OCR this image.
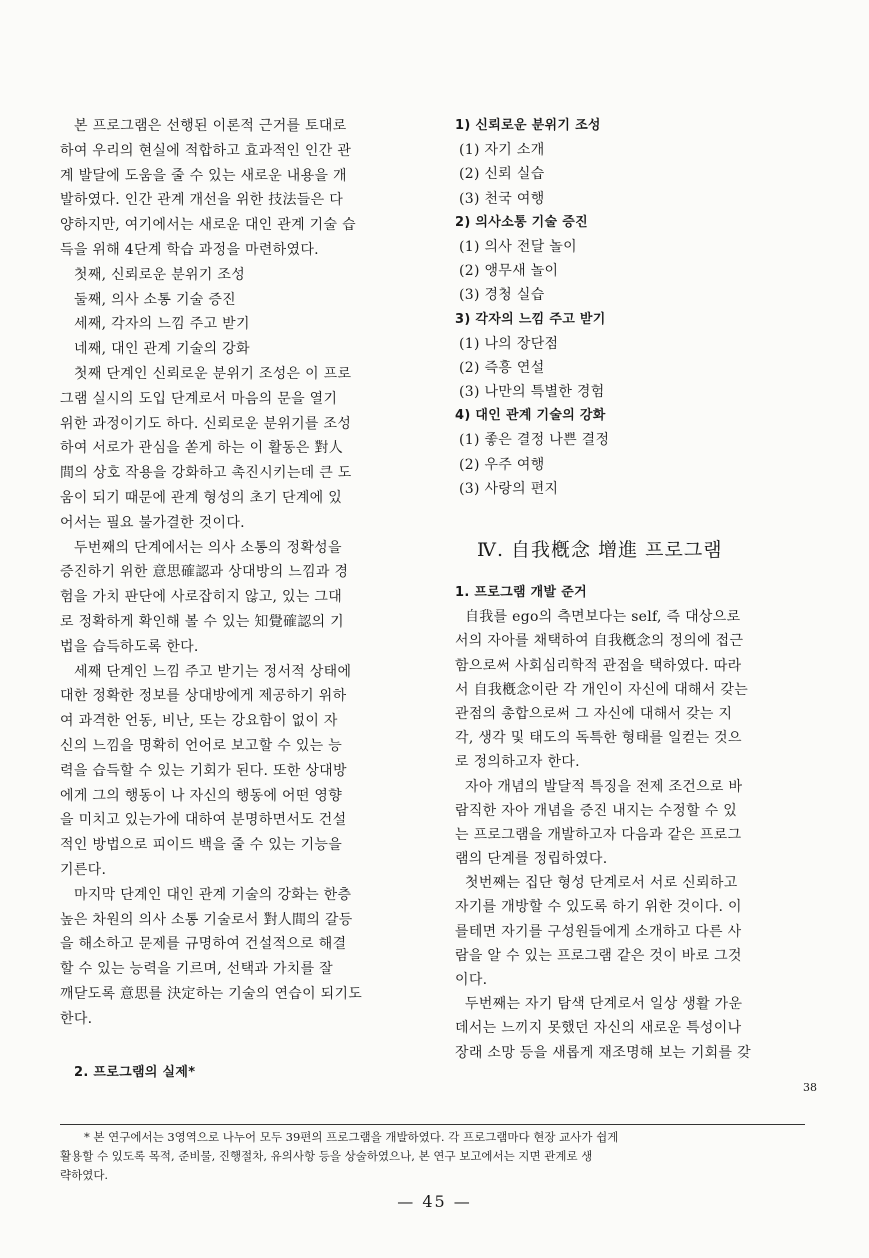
본 프로그램은 선행된 이론적 근거를 토대로
하여 우리의 현실에 적합하고 효과적인 인간 관
계 발달에 도움을 줄 수 있는 새로운 내용을 개
발하였다. 인간 관계 개선을 위한 技法들은 다
양하지만, 여기에서는 새로운 대인 관계 기술 습
득을 위해 4단계 학습 과정을 마련하였다.
첫째, 신뢰로운 분위기 조성
둘째, 의사 소통 기술 증진
세째, 각자의 느낌 주고 받기
네째, 대인 관계 기술의 강화
첫째 단계인 신뢰로운 분위기 조성은 이 프로
그램 실시의 도입 단계로서 마음의 문을 열기
위한 과정이기도 하다. 신뢰로운 분위기를 조성
하여 서로가 관심을 쏟게 하는 이 활동은 對人
間의 상호 작용을 강화하고 촉진시키는데 큰 도
움이 되기 때문에 관계 형성의 초기 단계에 있
어서는 필요 불가결한 것이다.
두번째의 단계에서는 의사 소통의 정확성을
증진하기 위한 意思確認과 상대방의 느낌과 경
험을 가치 판단에 사로잡히지 않고, 있는 그대
로 정확하게 확인해 볼 수 있는 知覺確認의 기
법을 습득하도록 한다.
세째 단계인 느낌 주고 받기는 정서적 상태에
대한 정확한 정보를 상대방에게 제공하기 위하
여 과격한 언동, 비난, 또는 강요함이 없이 자
신의 느낌을 명확히 언어로 보고할 수 있는 능
력을 습득할 수 있는 기회가 된다. 또한 상대방
에게 그의 행동이 나 자신의 행동에 어떤 영향
을 미치고 있는가에 대하여 분명하면서도 건설
적인 방법으로 피이드 백을 줄 수 있는 기능을
기른다.
마지막 단계인 대인 관계 기술의 강화는 한층
높은 차원의 의사 소통 기술로서 對人間의 갈등
을 해소하고 문제를 규명하여 건설적으로 해결
할 수 있는 능력을 기르며, 선택과 가치를 잘
깨닫도록 意思를 決定하는 기술의 연습이 되기도
한다.
2. 프로그램의 실제*
1) 신뢰로운 분위기 조성
(1) 자기 소개
(2) 신뢰 실습
(3) 천국 여행
2) 의사소통 기술 증진
(1) 의사 전달 놀이
(2) 앵무새 놀이
(3) 경청 실습
3) 각자의 느낌 주고 받기
(1) 나의 장단점
(2) 즉흥 연설
(3) 나만의 특별한 경험
4) 대인 관계 기술의 강화
(1) 좋은 결정 나쁜 결정
(2) 우주 여행
(3) 사랑의 편지
Ⅳ. 自我槪念 增進 프로그램
1. 프로그램 개발 준거
自我를 ego의 측면보다는 self, 즉 대상으로
서의 자아를 채택하여 自我槪念의 정의에 접근
함으로써 사회심리학적 관점을 택하였다. 따라
서 自我槪念이란 각 개인이 자신에 대해서 갖는
관점의 총합으로써 그 자신에 대해서 갖는 지
각, 생각 및 태도의 독특한 형태를 일컫는 것으
로 정의하고자 한다.
자아 개념의 발달적 특징을 전제 조건으로 바
람직한 자아 개념을 증진 내지는 수정할 수 있
는 프로그램을 개발하고자 다음과 같은 프로그
램의 단계를 정립하였다.
첫번째는 집단 형성 단계로서 서로 신뢰하고
자기를 개방할 수 있도록 하기 위한 것이다. 이
를테면 자기를 구성원들에게 소개하고 다른 사
람을 알 수 있는 프로그램 같은 것이 바로 그것
이다.
두번째는 자기 탐색 단계로서 일상 생활 가운
데서는 느끼지 못했던 자신의 새로운 특성이나
장래 소망 등을 새롭게 재조명해 보는 기회를 갖
38
* 본 연구에서는 3영역으로 나누어 모두 39편의 프로그램을 개발하였다. 각 프로그램마다 현장 교사가 쉽게
활용할 수 있도록 목적, 준비물, 진행절차, 유의사항 등을 상술하였으나, 본 연구 보고에서는 지면 관계로 생
략하였다.
— 45 —
